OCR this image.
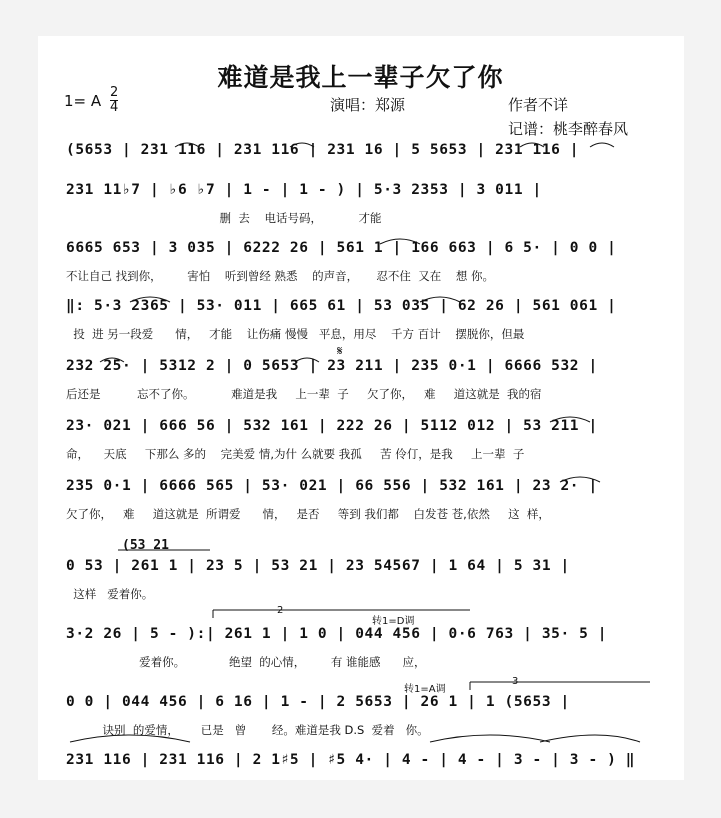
难道是我上一辈子欠了你
1= A $\frac{2}{4}$	演唱：郑源	作者不详
记谱：桃李醉春风
(5653 | 231 116 | 231 116 | 231 16 | 5 5653 | 231 116 |
231 11♭7 | ♭6 ♭7 | 1 - | 1 - ) | 5·3 2353 | 3 011 |
删  去    电话号码，          才能
6665 653 | 3 035 | 6222 26 | 561 1 | 166 663 | 6 5· | 0 0 |
不让自己 找到你，       害怕    听到曾经 熟悉    的声音，     忍不住  又在    想 你。
‖: 5·3 2365 | 53· 011 | 665 61 | 53 035 | 62 26 | 561 061 |
投  进 另一段爱      情，   才能    让伤痛 慢慢   平息，用尽    千方 百计    摆脱你，但最
232 25· | 5312 2 | 0 5653 | 23 211 | 235 0·1 | 6666 532 |
后还是          忘不了你。          难道是我     上一辈  子     欠了你，   难     道这就是  我的宿
23· 021 | 666 56 | 532 161 | 222 26 | 5112 012 | 53 211 |
命，    天底     下那么 多的    完美爱 情,为什 么就要 我孤     苦 伶仃，是我     上一辈  子
235 0·1 | 6666 565 | 53· 021 | 66 556 | 532 161 | 23 2· |
欠了你，   难     道这就是  所谓爱      情，   是否     等到 我们都    白发苍 苍,依然     这  样，
(53 21
0 53 | 261 1 | 23 5 | 53 21 | 23 54567 | 1 64 | 5 31 |
这样   爱着你。
2
转1=D调
3·2 26 | 5 - ):| 261 1 | 1 0 | 044 456 | 0·6 763 | 35· 5 |
爱着你。            绝望  的心情，       有 谁能感      应，
转1=A调
3
0 0 | 044 456 | 6 16 | 1 - | 2 5653 | 26 1 | 1 (5653 |
诀别  的爱情，      已是   曾       经。难道是我 D.S  爱着   你。
231 116 | 231 116 | 2 1♯5 | ♯5 4· | 4 - | 4 - | 3 - | 3 - ) ‖
𝄋
